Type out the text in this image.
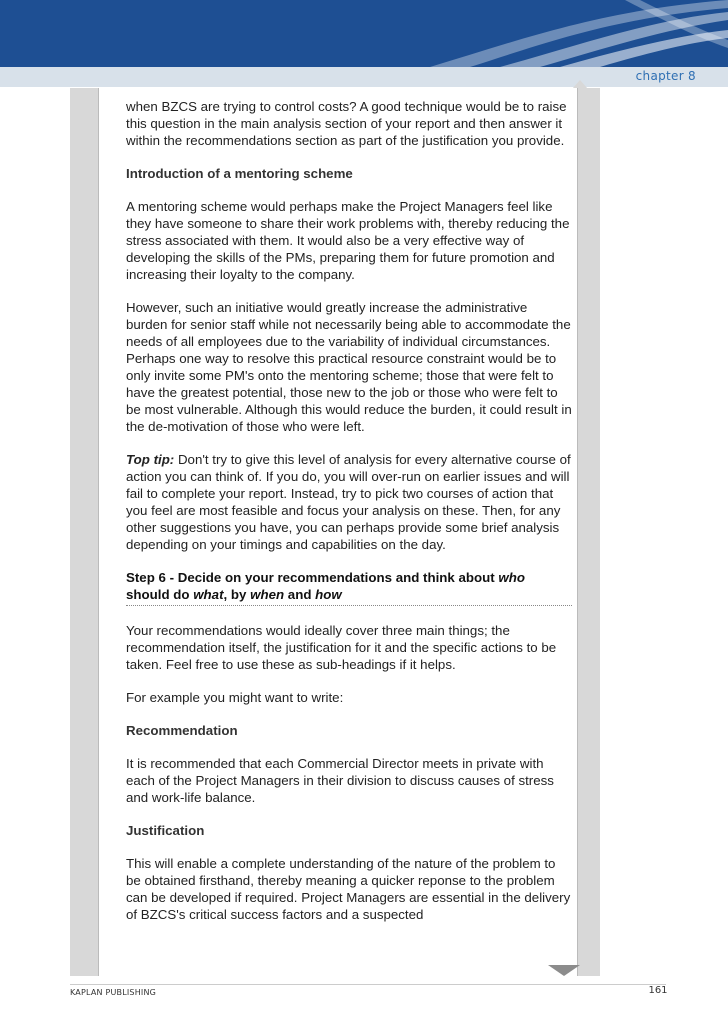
chapter 8

when BZCS are trying to control costs? A good technique would be to raise this question in the main analysis section of your report and then answer it within the recommendations section as part of the justification you provide.

Introduction of a mentoring scheme

A mentoring scheme would perhaps make the Project Managers feel like they have someone to share their work problems with, thereby reducing the stress associated with them. It would also be a very effective way of developing the skills of the PMs, preparing them for future promotion and increasing their loyalty to the company.

However, such an initiative would greatly increase the administrative burden for senior staff while not necessarily being able to accommodate the needs of all employees due to the variability of individual circumstances. Perhaps one way to resolve this practical resource constraint would be to only invite some PM's onto the mentoring scheme; those that were felt to have the greatest potential, those new to the job or those who were felt to be most vulnerable. Although this would reduce the burden, it could result in the de-motivation of those who were left.

Top tip: Don't try to give this level of analysis for every alternative course of action you can think of. If you do, you will over-run on earlier issues and will fail to complete your report. Instead, try to pick two courses of action that you feel are most feasible and focus your analysis on these. Then, for any other suggestions you have, you can perhaps provide some brief analysis depending on your timings and capabilities on the day.

Step 6 - Decide on your recommendations and think about who should do what, by when and how

Your recommendations would ideally cover three main things; the recommendation itself, the justification for it and the specific actions to be taken. Feel free to use these as sub-headings if it helps.

For example you might want to write:

Recommendation

It is recommended that each Commercial Director meets in private with each of the Project Managers in their division to discuss causes of stress and work-life balance.

Justification

This will enable a complete understanding of the nature of the problem to be obtained firsthand, thereby meaning a quicker reponse to the problem can be developed if required. Project Managers are essential in the delivery of BZCS's critical success factors and a suspected

KAPLAN PUBLISHING	161
